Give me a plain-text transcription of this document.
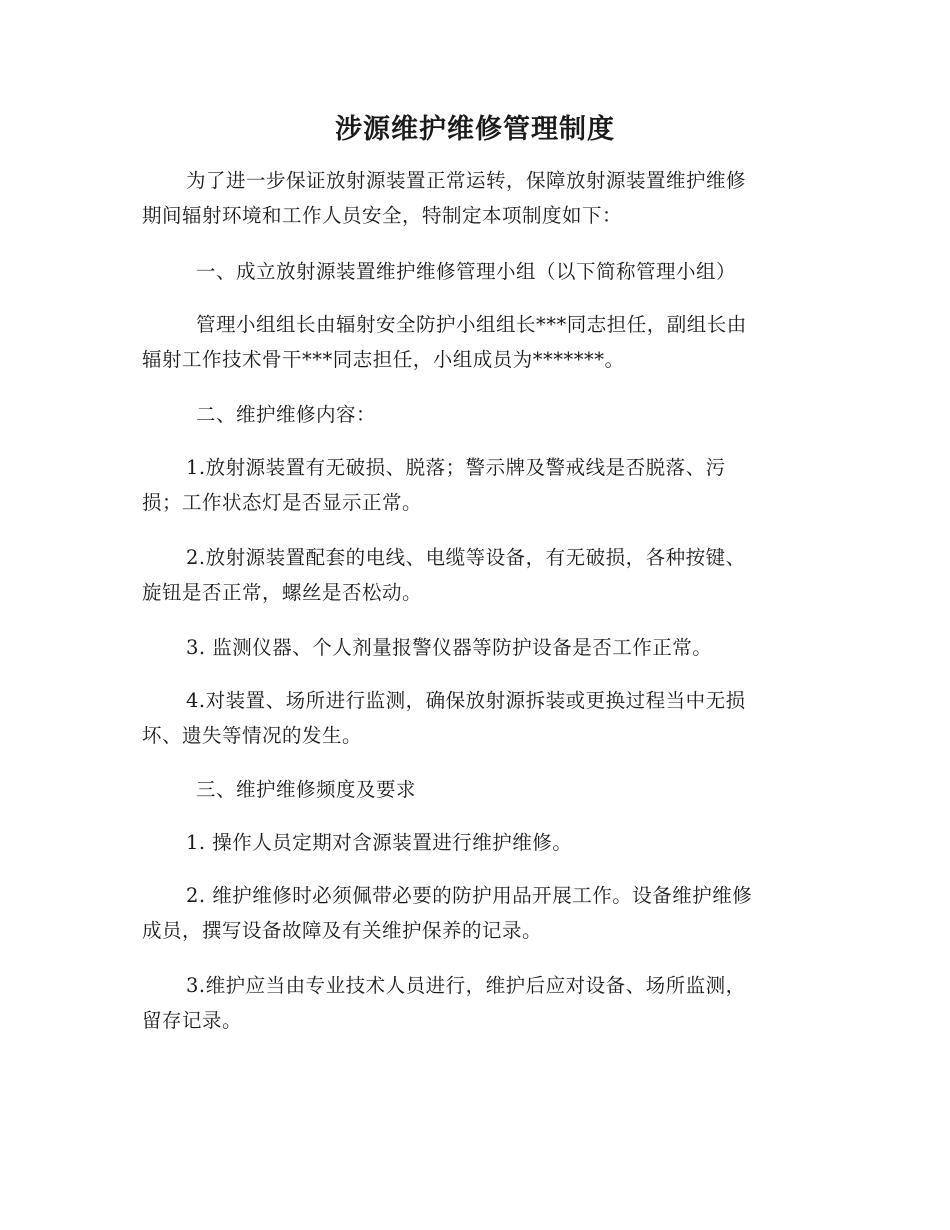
涉源维护维修管理制度
为了进一步保证放射源装置正常运转，保障放射源装置维护维修
期间辐射环境和工作人员安全，特制定本项制度如下：
一、成立放射源装置维护维修管理小组（以下简称管理小组）
管理小组组长由辐射安全防护小组组长***同志担任，副组长由
辐射工作技术骨干***同志担任，小组成员为*******。
二、维护维修内容：
1.放射源装置有无破损、脱落；警示牌及警戒线是否脱落、污
损；工作状态灯是否显示正常。
2.放射源装置配套的电线、电缆等设备，有无破损，各种按键、
旋钮是否正常，螺丝是否松动。
3. 监测仪器、个人剂量报警仪器等防护设备是否工作正常。
4.对装置、场所进行监测，确保放射源拆装或更换过程当中无损
坏、遗失等情况的发生。
三、维护维修频度及要求
1. 操作人员定期对含源装置进行维护维修。
2. 维护维修时必须佩带必要的防护用品开展工作。设备维护维修
成员，撰写设备故障及有关维护保养的记录。
3.维护应当由专业技术人员进行，维护后应对设备、场所监测，
留存记录。
